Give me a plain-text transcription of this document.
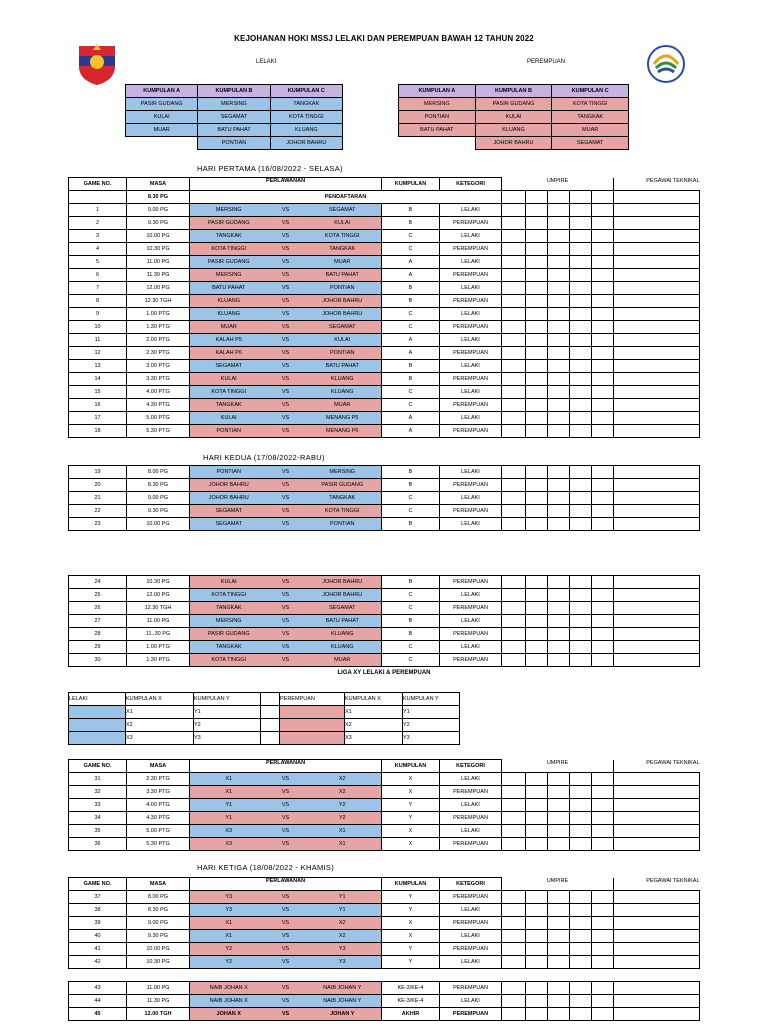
KEJOHANAN HOKI MSSJ LELAKI DAN PEREMPUAN BAWAH 12 TAHUN 2022
LELAKI	PEREMPUAN
KUMPULAN A	KUMPULAN B	KUMPULAN C
PASIR GUDANG	MERSING	TANGKAK
KULAI	SEGAMAT	KOTA TINGGI
MUAR	BATU PAHAT	KLUANG
	PONTIAN	JOHOR BAHRU
KUMPULAN A	KUMPULAN B	KUMPULAN C
MERSING	PASIR GUDANG	KOTA TINGGI
PONTIAN	KULAI	TANGKAK
BATU PAHAT	KLUANG	MUAR
	JOHOR BAHRU	SEGAMAT
HARI PERTAMA (16/08/2022 - SELASA)
GAME NO.	MASA	PERLAWANAN			KUMPULAN	KETEGORI	UMPIRE					PEGAWAI TEKNIKAL
	8.30 PG	PENDAFTARAN										
1	9.00 PG	MERSING	VS	SEGAMAT	B	LELAKI						
2	9.30 PG	PASIR GUDANG	VS	KULAI	B	PEREMPUAN						
3	10.00 PG	TANGKAK	VS	KOTA TINGGI	C	LELAKI						
4	10.30 PG	KOTA TINGGI	VS	TANGKAK	C	PEREMPUAN						
5	11.00 PG	PASIR GUDANG	VS	MUAR	A	LELAKI						
6	11.30 PG	MERSING	VS	BATU PAHAT	A	PEREMPUAN						
7	12.00 PG	BATU PAHAT	VS	PONTIAN	B	LELAKI						
8	12.30 TGH	KLUANG	VS	JOHOR BAHRU	B	PEREMPUAN						
9	1.00 PTG	KLUANG	VS	JOHOR BAHRU	C	LELAKI						
10	1.30 PTG	MUAR	VS	SEGAMAT	C	PEREMPUAN						
11	2.00 PTG	KALAH P5	VS	KULAI	A	LELAKI						
12	2.30 PTG	KALAH P6	VS	PONTIAN	A	PEREMPUAN						
13	3.00 PTG	SEGAMAT	VS	BATU PAHAT	B	LELAKI						
14	3.30 PTG	KULAI	VS	KLUANG	B	PEREMPUAN						
15	4.00 PTG	KOTA TINGGI	VS	KLUANG	C	LELAKI						
16	4.30 PTG	TANGKAK	VS	MUAR	C	PEREMPUAN						
17	5.00 PTG	KULAI	VS	MENANG P5	A	LELAKI						
18	5.30 PTG	PONTIAN	VS	MENANG P6	A	PEREMPUAN						
HARI KEDUA (17/08/2022-RABU)
19	8.00 PG	PONTIAN	VS	MERSING	B	LELAKI						
20	8.30 PG	JOHOR BAHRU	VS	PASIR GUDANG	B	PEREMPUAN						
21	9.00 PG	JOHOR BAHRU	VS	TANGKAK	C	LELAKI						
22	9.30 PG	SEGAMAT	VS	KOTA TINGGI	C	PEREMPUAN						
23	10.00 PG	SEGAMAT	VS	PONTIAN	B	LELAKI						
24	10.30 PG	KULAI	VS	JOHOR BAHRU	B	PEREMPUAN						
25	12.00 PG	KOTA TINGGI	VS	JOHOR BAHRU	C	LELAKI						
26	12.30 TGH	TANGKAK	VS	SEGAMAT	C	PEREMPUAN						
27	11.00 PG	MERSING	VS	BATU PAHAT	B	LELAKI						
28	11..30 PG	PASIR GUDANG	VS	KLUANG	B	PEREMPUAN						
29	1.00 PTG	TANGKAK	VS	KLUANG	C	LELAKI						
30	1.30 PTG	KOTA TINGGI	VS	MUAR	C	PEREMPUAN						
LIGA XY LELAKI & PEREMPUAN
LELAKI	KUMPULAN X	KUMPULAN Y		PEREMPUAN	KUMPULAN X	KUMPULAN Y
	X1	Y1			X1	Y1
	X2	Y2			X2	Y2
	X3	Y3			X3	Y3
GAME NO.	MASA	PERLAWANAN			KUMPULAN	KETEGORI	UMPIRE					PEGAWAI TEKNIKAL
31	2.30 PTG	X1	VS	X2	X	LELAKI						
32	3.30 PTG	X1	VS	X2	X	PEREMPUAN						
33	4.00 PTG	Y1	VS	Y2	Y	LELAKI						
34	4.30 PTG	Y1	VS	Y2	Y	PEREMPUAN						
35	5.00 PTG	X3	VS	X1	X	LELAKI						
36	5.30 PTG	X3	VS	X1	X	PEREMPUAN						
HARI KETIGA (18/08/2022 - KHAMIS)
GAME NO.	MASA	PERLAWANAN			KUMPULAN	KETEGORI	UMPIRE					PEGAWAI TEKNIKAL
37	8.00 PG	Y3	VS	Y1	Y	PEREMPUAN						
38	8.30 PG	Y3	VS	Y1	Y	LELAKI						
39	9.00 PG	X1	VS	X2	X	PEREMPUAN						
40	9.30 PG	X1	VS	X2	X	LELAKI						
41	10.00 PG	Y2	VS	Y3	Y	PEREMPUAN						
42	10.30 PG	Y2	VS	Y3	Y	LELAKI						
43	11.00 PG	NAIB JOHAN X	VS	NAIB JOHAN Y	KE-3/KE-4	PEREMPUAN						
44	11.30 PG	NAIB JOHAN X	VS	NAIB JOHAN Y	KE-3/KE-4	LELAKI						
45	12.00 TGH	JOHAN X	VS	JOHAN Y	AKHIR	PEREMPUAN						
